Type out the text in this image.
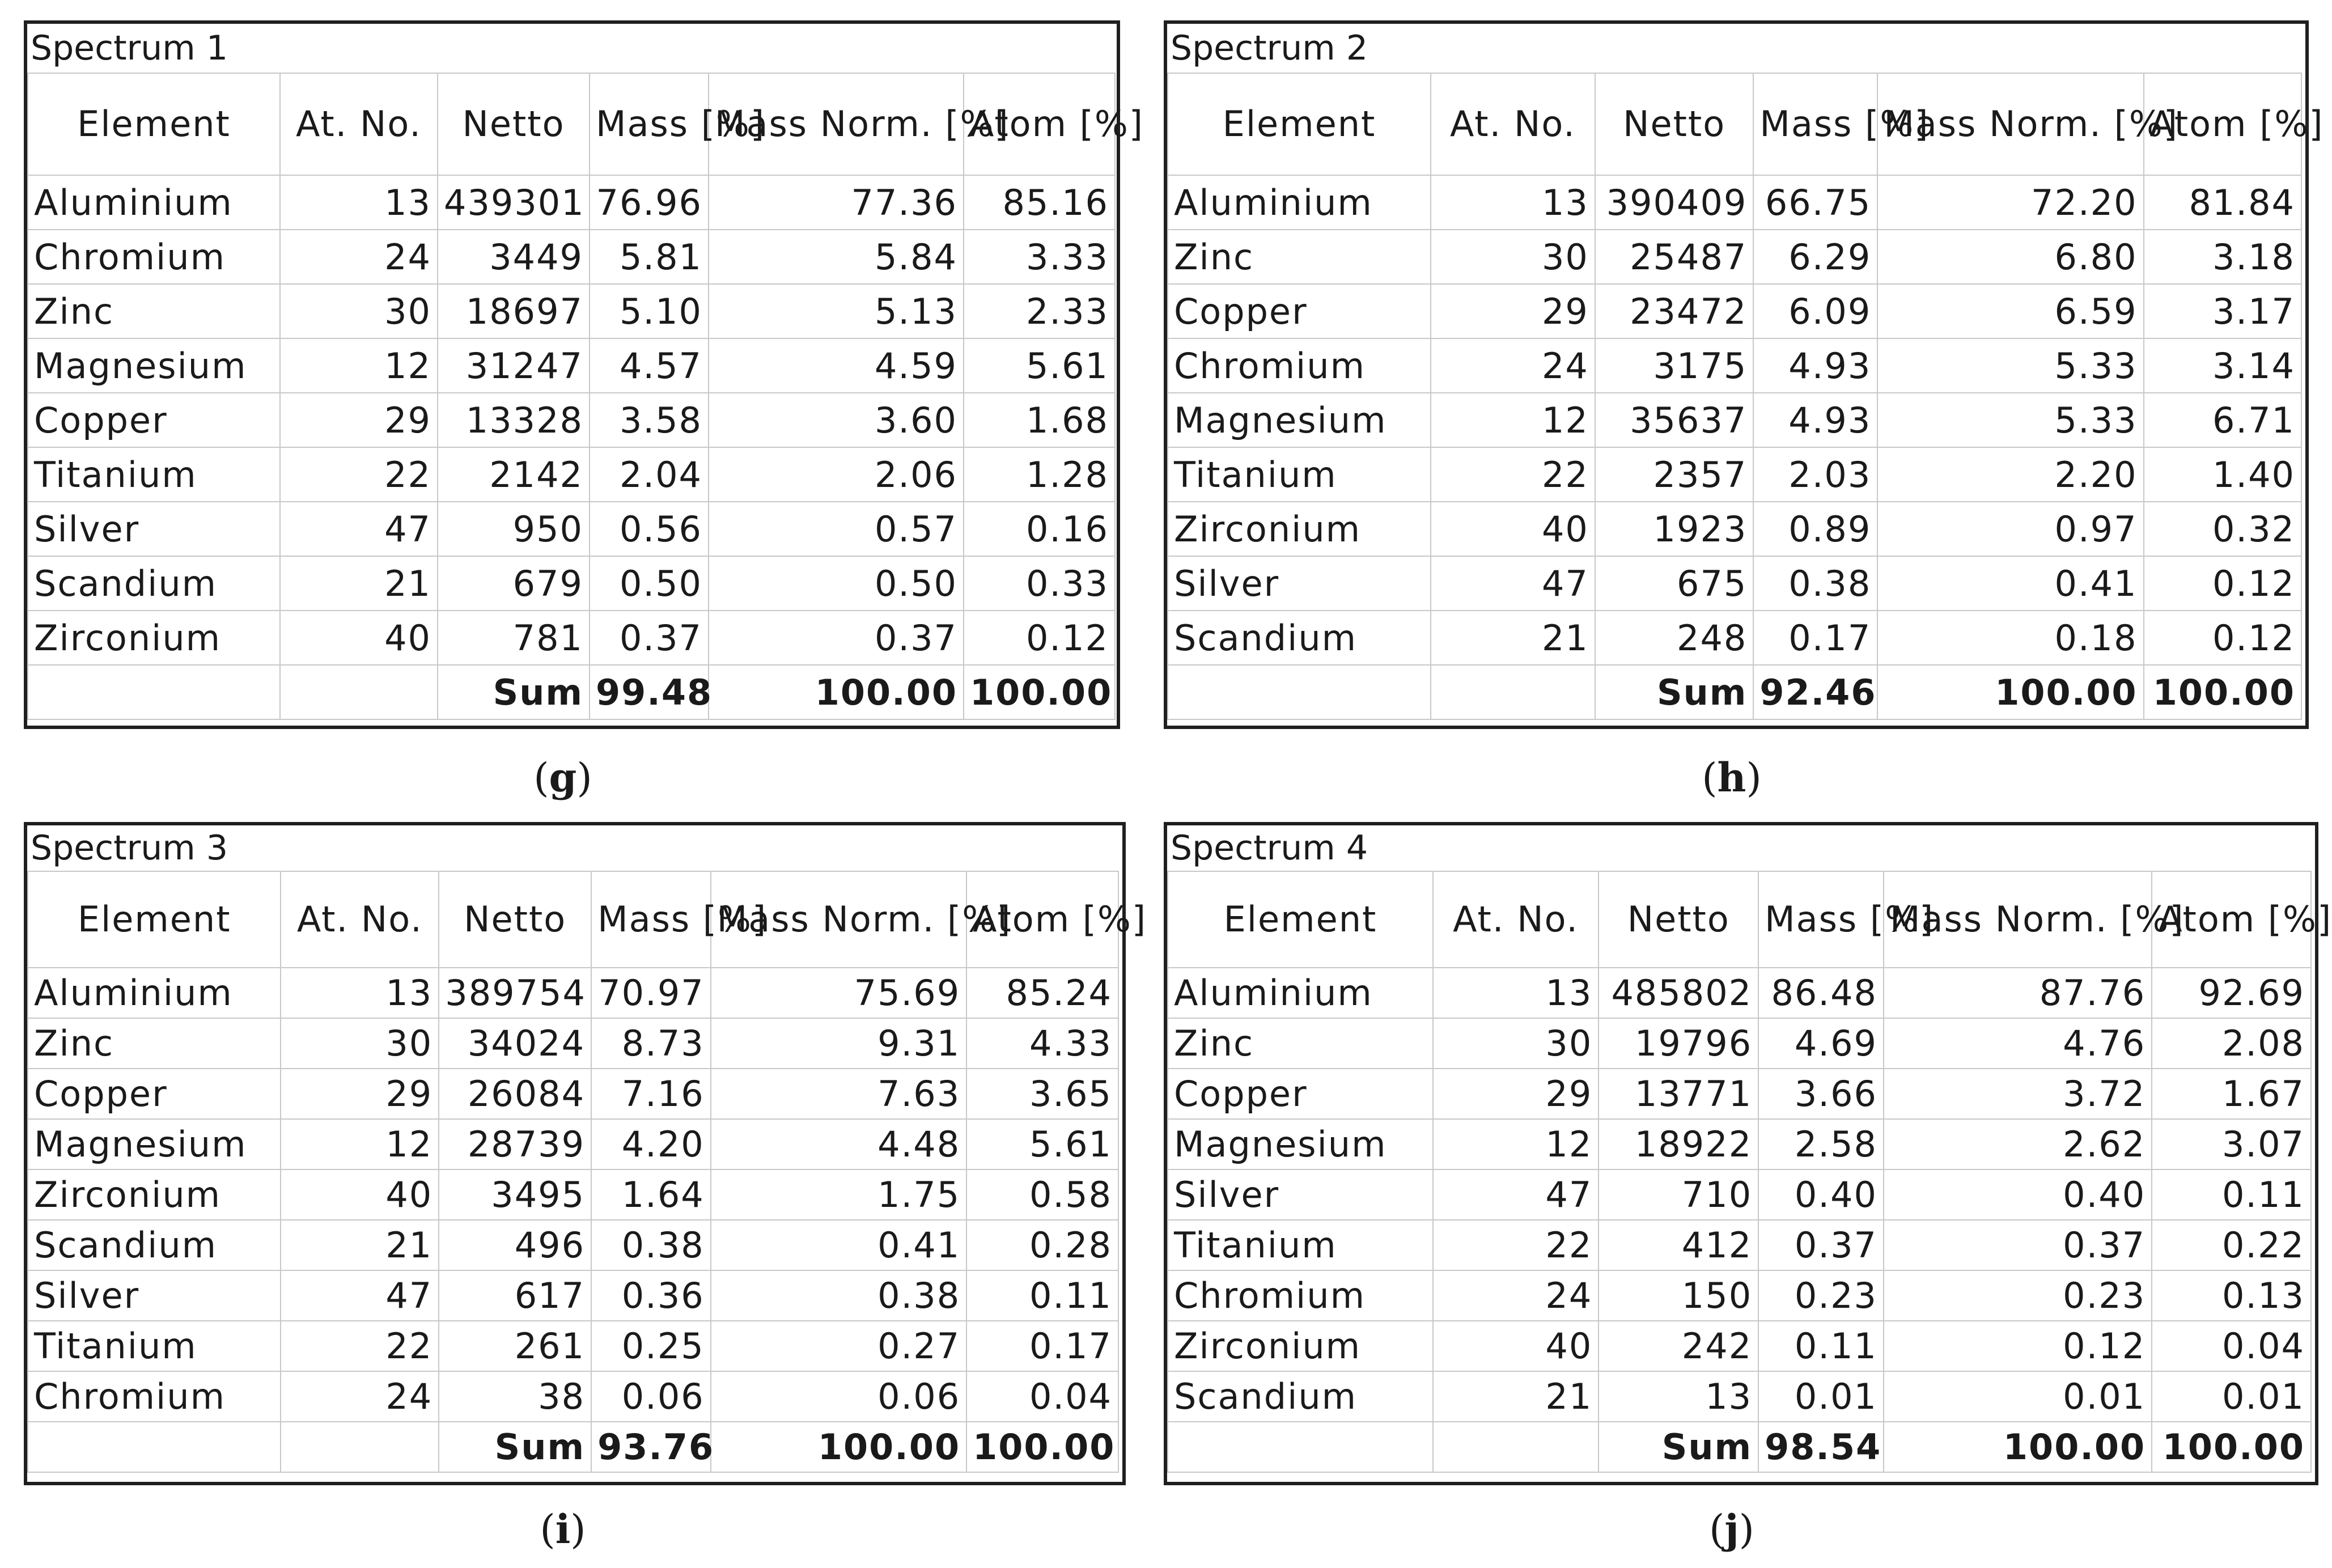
Spectrum 1
Element	At. No.	Netto	Mass [%]	Mass Norm. [%]	Atom [%]
Aluminium	13	439301	76.96	77.36	85.16
Chromium	24	3449	5.81	5.84	3.33
Zinc	30	18697	5.10	5.13	2.33
Magnesium	12	31247	4.57	4.59	5.61
Copper	29	13328	3.58	3.60	1.68
Titanium	22	2142	2.04	2.06	1.28
Silver	47	950	0.56	0.57	0.16
Scandium	21	679	0.50	0.50	0.33
Zirconium	40	781	0.37	0.37	0.12
		Sum	99.48	100.00	100.00
Spectrum 2
Element	At. No.	Netto	Mass [%]	Mass Norm. [%]	Atom [%]
Aluminium	13	390409	66.75	72.20	81.84
Zinc	30	25487	6.29	6.80	3.18
Copper	29	23472	6.09	6.59	3.17
Chromium	24	3175	4.93	5.33	3.14
Magnesium	12	35637	4.93	5.33	6.71
Titanium	22	2357	2.03	2.20	1.40
Zirconium	40	1923	0.89	0.97	0.32
Silver	47	675	0.38	0.41	0.12
Scandium	21	248	0.17	0.18	0.12
		Sum	92.46	100.00	100.00
Spectrum 3
Element	At. No.	Netto	Mass [%]	Mass Norm. [%]	Atom [%]
Aluminium	13	389754	70.97	75.69	85.24
Zinc	30	34024	8.73	9.31	4.33
Copper	29	26084	7.16	7.63	3.65
Magnesium	12	28739	4.20	4.48	5.61
Zirconium	40	3495	1.64	1.75	0.58
Scandium	21	496	0.38	0.41	0.28
Silver	47	617	0.36	0.38	0.11
Titanium	22	261	0.25	0.27	0.17
Chromium	24	38	0.06	0.06	0.04
		Sum	93.76	100.00	100.00
Spectrum 4
Element	At. No.	Netto	Mass [%]	Mass Norm. [%]	Atom [%]
Aluminium	13	485802	86.48	87.76	92.69
Zinc	30	19796	4.69	4.76	2.08
Copper	29	13771	3.66	3.72	1.67
Magnesium	12	18922	2.58	2.62	3.07
Silver	47	710	0.40	0.40	0.11
Titanium	22	412	0.37	0.37	0.22
Chromium	24	150	0.23	0.23	0.13
Zirconium	40	242	0.11	0.12	0.04
Scandium	21	13	0.01	0.01	0.01
		Sum	98.54	100.00	100.00
(g)	(h)
(i)	(j)
